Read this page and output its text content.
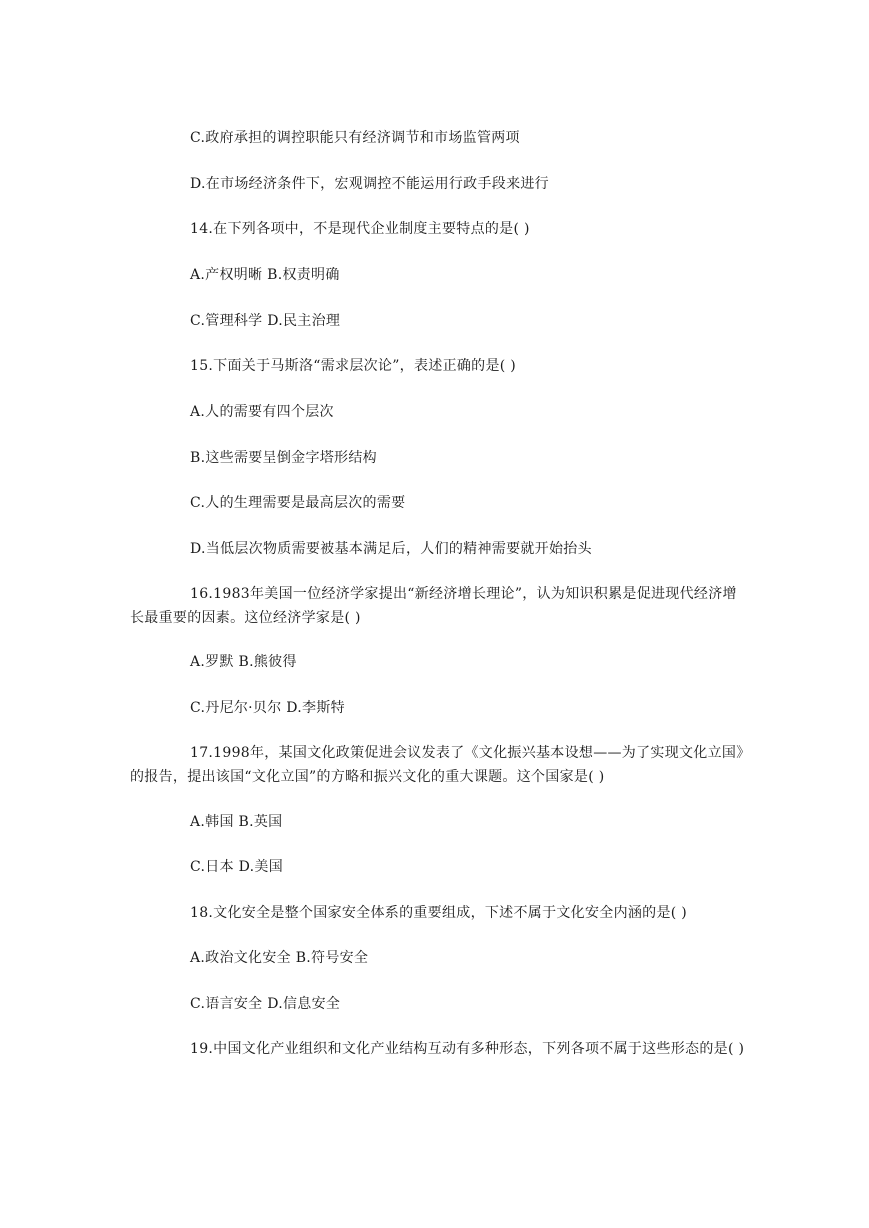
C.政府承担的调控职能只有经济调节和市场监管两项
D.在市场经济条件下，宏观调控不能运用行政手段来进行
14.在下列各项中，不是现代企业制度主要特点的是( )
A.产权明晰 B.权责明确
C.管理科学 D.民主治理
15.下面关于马斯洛“需求层次论”，表述正确的是( )
A.人的需要有四个层次
B.这些需要呈倒金字塔形结构
C.人的生理需要是最高层次的需要
D.当低层次物质需要被基本满足后，人们的精神需要就开始抬头
16.1983年美国一位经济学家提出“新经济增长理论”，认为知识积累是促进现代经济增长最重要的因素。这位经济学家是( )
A.罗默 B.熊彼得
C.丹尼尔·贝尔 D.李斯特
17.1998年，某国文化政策促进会议发表了《文化振兴基本设想——为了实现文化立国》的报告，提出该国“文化立国”的方略和振兴文化的重大课题。这个国家是( )
A.韩国 B.英国
C.日本 D.美国
18.文化安全是整个国家安全体系的重要组成，下述不属于文化安全内涵的是( )
A.政治文化安全 B.符号安全
C.语言安全 D.信息安全
19.中国文化产业组织和文化产业结构互动有多种形态，下列各项不属于这些形态的是( )
